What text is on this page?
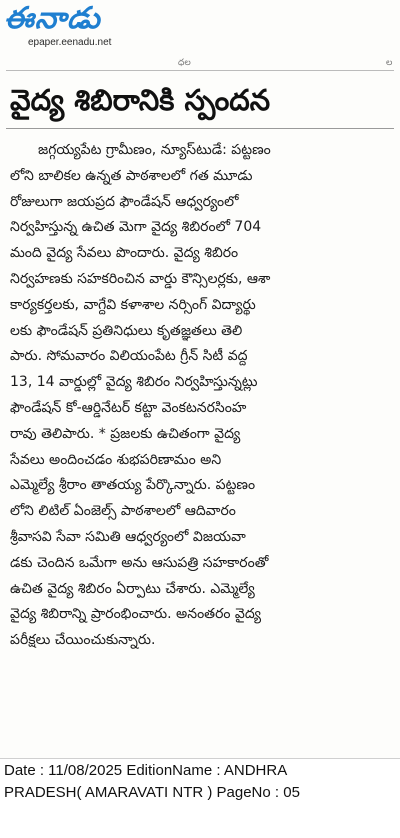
ఈనాడు
epaper.eenadu.net
ధల	ల
వైద్య శిబిరానికి స్పందన
జగ్గయ్యపేట గ్రామీణం, న్యూస్‌టుడే: పట్టణం
లోని బాలికల ఉన్నత పాఠశాలలో గత మూడు
రోజులుగా జయప్రద ఫౌండేషన్ ఆధ్వర్యంలో
నిర్వహిస్తున్న ఉచిత మెగా వైద్య శిబిరంలో 704
మంది వైద్య సేవలు పొందారు. వైద్య శిబిరం
నిర్వహణకు సహకరించిన వార్డు కౌన్సిలర్లకు, ఆశా
కార్యకర్తలకు, వాగ్దేవి కళాశాల నర్సింగ్ విద్యార్థు
లకు ఫౌండేషన్ ప్రతినిధులు కృతజ్ఞతలు తెలి
పారు. సోమవారం విలియంపేట గ్రీన్ సిటీ వద్ద
13, 14 వార్డుల్లో వైద్య శిబిరం నిర్వహిస్తున్నట్లు
ఫౌండేషన్ కో-ఆర్డినేటర్ కట్టా వెంకటనరసింహ
రావు తెలిపారు. * ప్రజలకు ఉచితంగా వైద్య
సేవలు అందించడం శుభపరిణామం అని
ఎమ్మెల్యే శ్రీరాం తాతయ్య పేర్కొన్నారు. పట్టణం
లోని లిటిల్ ఏంజెల్స్ పాఠశాలలో ఆదివారం
శ్రీవాసవి సేవా సమితి ఆధ్వర్యంలో విజయవా
డకు చెందిన ఒమేగా అను ఆసుపత్రి సహకారంతో
ఉచిత వైద్య శిబిరం ఏర్పాటు చేశారు. ఎమ్మెల్యే
వైద్య శిబిరాన్ని ప్రారంభించారు. అనంతరం వైద్య
పరీక్షలు చేయించుకున్నారు.
Date : 11/08/2025 EditionName : ANDHRA
PRADESH( AMARAVATI NTR ) PageNo : 05
